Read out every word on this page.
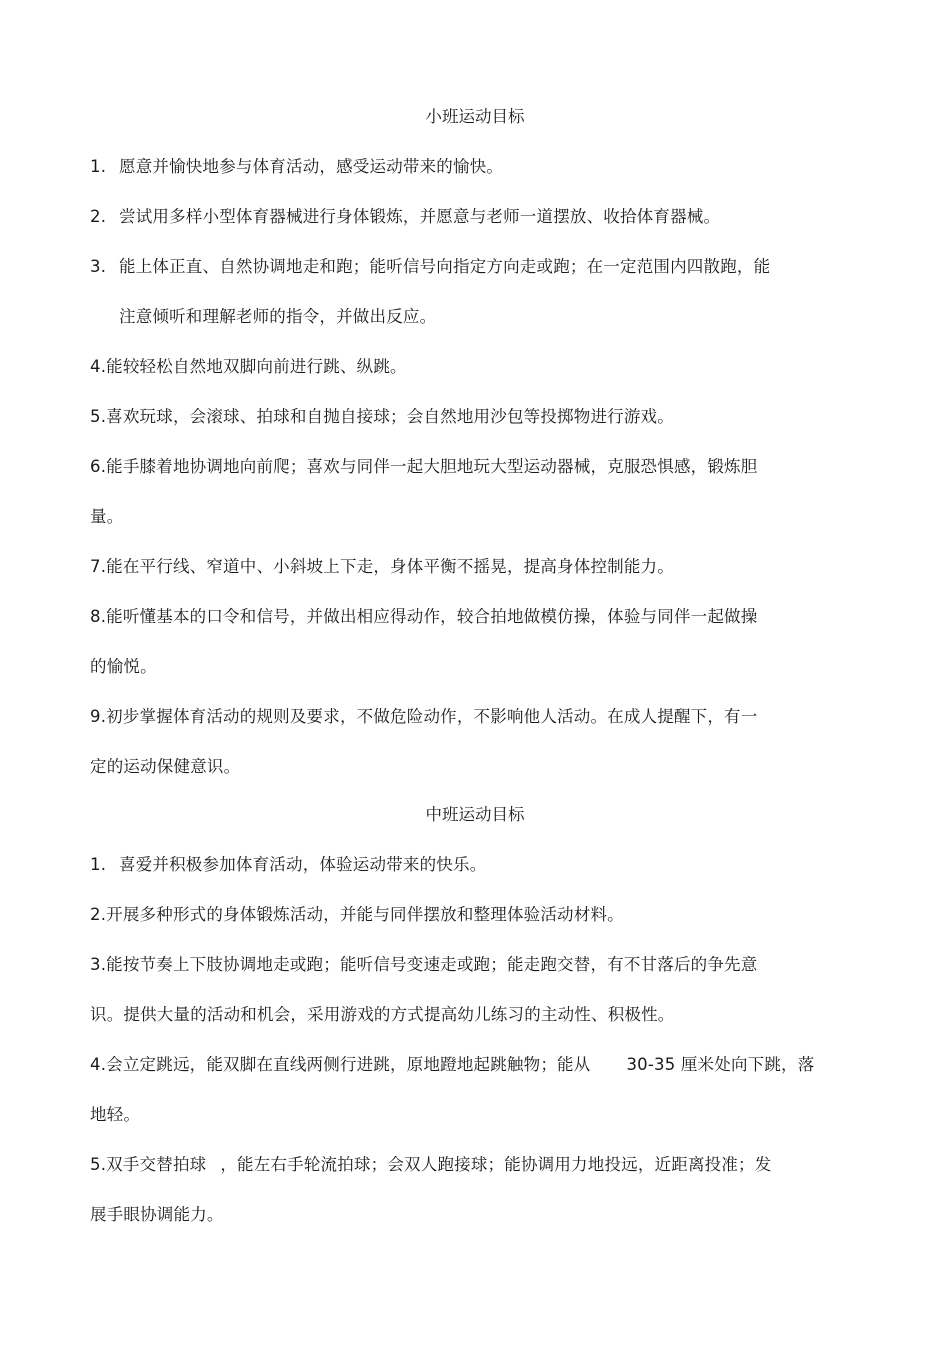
小班运动目标
1. 愿意并愉快地参与体育活动，感受运动带来的愉快。
2. 尝试用多样小型体育器械进行身体锻炼，并愿意与老师一道摆放、收拾体育器械。
3. 能上体正直、自然协调地走和跑；能听信号向指定方向走或跑；在一定范围内四散跑，能
注意倾听和理解老师的指令，并做出反应。
4.能较轻松自然地双脚向前进行跳、纵跳。
5.喜欢玩球，会滚球、拍球和自抛自接球；会自然地用沙包等投掷物进行游戏。
6.能手膝着地协调地向前爬；喜欢与同伴一起大胆地玩大型运动器械，克服恐惧感，锻炼胆
量。
7.能在平行线、窄道中、小斜坡上下走，身体平衡不摇晃，提高身体控制能力。
8.能听懂基本的口令和信号，并做出相应得动作，较合拍地做模仿操，体验与同伴一起做操
的愉悦。
9.初步掌握体育活动的规则及要求，不做危险动作，不影响他人活动。在成人提醒下，有一
定的运动保健意识。
中班运动目标
1. 喜爱并积极参加体育活动，体验运动带来的快乐。
2.开展多种形式的身体锻炼活动，并能与同伴摆放和整理体验活动材料。
3.能按节奏上下肢协调地走或跑；能听信号变速走或跑；能走跑交替，有不甘落后的争先意
识。提供大量的活动和机会，采用游戏的方式提高幼儿练习的主动性、积极性。
4.会立定跳远，能双脚在直线两侧行进跳，原地蹬地起跳触物；能从 30-35 厘米处向下跳，落
地轻。
5.双手交替拍球 ，能左右手轮流拍球；会双人跑接球；能协调用力地投远，近距离投准；发
展手眼协调能力。
